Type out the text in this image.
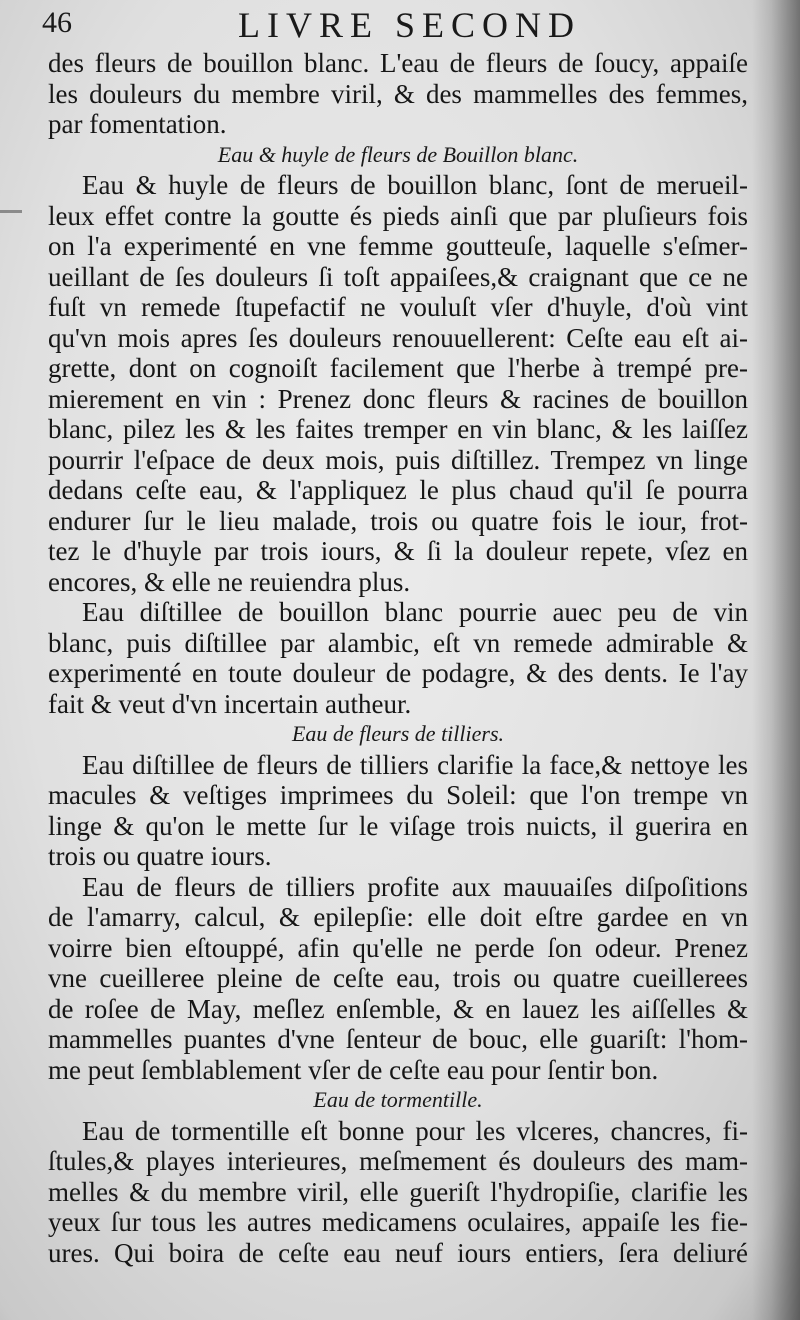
46	LIVRE SECOND
des fleurs de bouillon blanc. L'eau de fleurs de ſoucy, appaiſe
les douleurs du membre viril, & des mammelles des femmes,
par fomentation.
Eau & huyle de fleurs de Bouillon blanc.
Eau & huyle de fleurs de bouillon blanc, ſont de merueil-
leux effet contre la goutte és pieds ainſi que par pluſieurs fois
on l'a experimenté en vne femme goutteuſe, laquelle s'eſmer-
ueillant de ſes douleurs ſi toſt appaiſees,& craignant que ce ne
fuſt vn remede ſtupefactif ne vouluſt vſer d'huyle, d'où vint
qu'vn mois apres ſes douleurs renouuellerent: Ceſte eau eſt ai-
grette, dont on cognoiſt facilement que l'herbe à trempé pre-
mierement en vin : Prenez donc fleurs & racines de bouillon
blanc, pilez les & les faites tremper en vin blanc, & les laiſſez
pourrir l'eſpace de deux mois, puis diſtillez. Trempez vn linge
dedans ceſte eau, & l'appliquez le plus chaud qu'il ſe pourra
endurer ſur le lieu malade, trois ou quatre fois le iour, frot-
tez le d'huyle par trois iours, & ſi la douleur repete, vſez en
encores, & elle ne reuiendra plus.
Eau diſtillee de bouillon blanc pourrie auec peu de vin
blanc, puis diſtillee par alambic, eſt vn remede admirable &
experimenté en toute douleur de podagre, & des dents. Ie l'ay
fait & veut d'vn incertain autheur.
Eau de fleurs de tilliers.
Eau diſtillee de fleurs de tilliers clarifie la face,& nettoye les
macules & veſtiges imprimees du Soleil: que l'on trempe vn
linge & qu'on le mette ſur le viſage trois nuicts, il guerira en
trois ou quatre iours.
Eau de fleurs de tilliers profite aux mauuaiſes diſpoſitions
de l'amarry, calcul, & epilepſie: elle doit eſtre gardee en vn
voirre bien eſtouppé, afin qu'elle ne perde ſon odeur. Prenez
vne cueilleree pleine de ceſte eau, trois ou quatre cueillerees
de roſee de May, meſlez enſemble, & en lauez les aiſſelles &
mammelles puantes d'vne ſenteur de bouc, elle guariſt: l'hom-
me peut ſemblablement vſer de ceſte eau pour ſentir bon.
Eau de tormentille.
Eau de tormentille eſt bonne pour les vlceres, chancres, fi-
ſtules,& playes interieures, meſmement és douleurs des mam-
melles & du membre viril, elle gueriſt l'hydropiſie, clarifie les
yeux ſur tous les autres medicamens oculaires, appaiſe les fie-
ures. Qui boira de ceſte eau neuf iours entiers, ſera deliuré
